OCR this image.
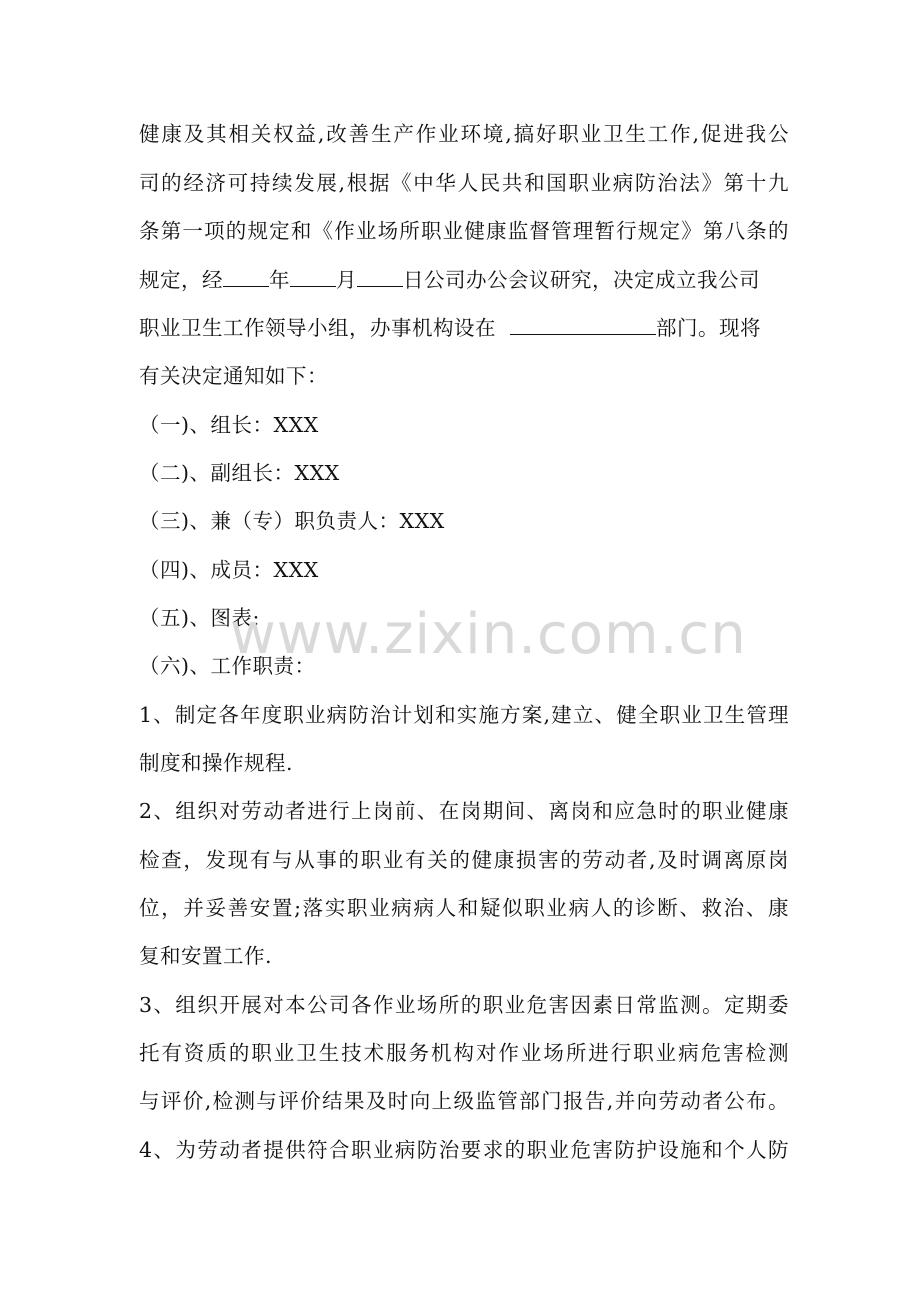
健康及其相关权益,改善生产作业环境,搞好职业卫生工作,促进我公
司的经济可持续发展,根据《中华人民共和国职业病防治法》第十九
条第一项的规定和《作业场所职业健康监督管理暂行规定》第八条的
规定，经 年 月 日公司办公会议研究，决定成立我公司
职业卫生工作领导小组，办事机构设在	部门。现将
有关决定通知如下：
（一)、组长：XXX
（二)、副组长：XXX
（三)、兼（专）职负责人：XXX
（四)、成员：XXX
（五)、图表:
（六)、工作职责：
1、制定各年度职业病防治计划和实施方案,建立、健全职业卫生管理
制度和操作规程.
2、组织对劳动者进行上岗前、在岗期间、离岗和应急时的职业健康
检查，发现有与从事的职业有关的健康损害的劳动者,及时调离原岗
位，并妥善安置;落实职业病病人和疑似职业病人的诊断、救治、康
复和安置工作.
3、组织开展对本公司各作业场所的职业危害因素日常监测。定期委
托有资质的职业卫生技术服务机构对作业场所进行职业病危害检测
与评价,检测与评价结果及时向上级监管部门报告,并向劳动者公布。
4、为劳动者提供符合职业病防治要求的职业危害防护设施和个人防
www.zixin.com.cn
